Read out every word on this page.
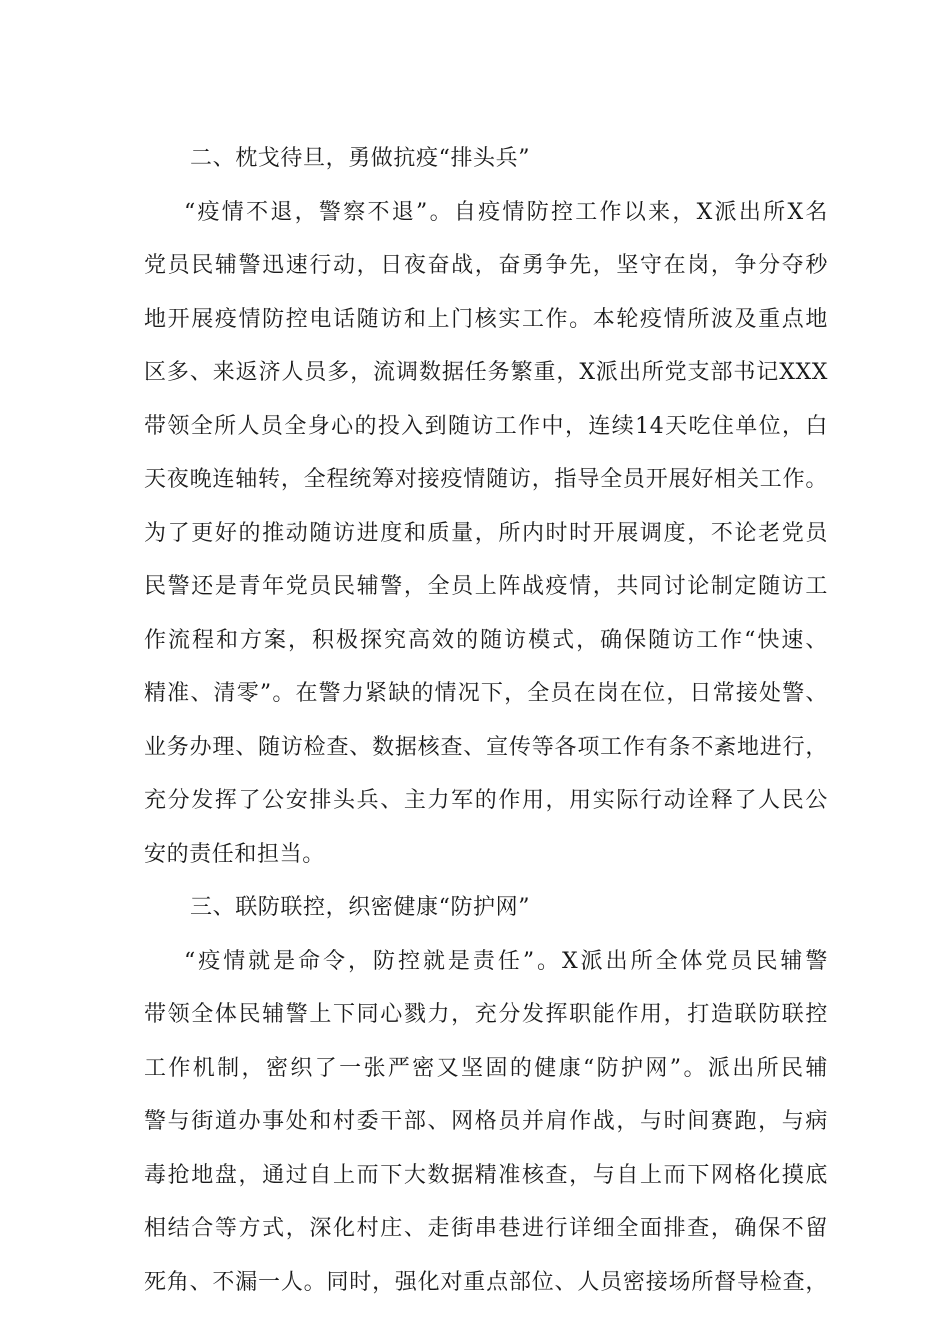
二、枕戈待旦，勇做抗疫“排头兵”
“疫情不退，警察不退”。自疫情防控工作以来，X派出所X名
党员民辅警迅速行动，日夜奋战，奋勇争先，坚守在岗，争分夺秒
地开展疫情防控电话随访和上门核实工作。本轮疫情所波及重点地
区多、来返济人员多，流调数据任务繁重，X派出所党支部书记XXX
带领全所人员全身心的投入到随访工作中，连续14天吃住单位，白
天夜晚连轴转，全程统筹对接疫情随访，指导全员开展好相关工作。
为了更好的推动随访进度和质量，所内时时开展调度，不论老党员
民警还是青年党员民辅警，全员上阵战疫情，共同讨论制定随访工
作流程和方案，积极探究高效的随访模式，确保随访工作“快速、
精准、清零”。在警力紧缺的情况下，全员在岗在位，日常接处警、
业务办理、随访检查、数据核查、宣传等各项工作有条不紊地进行，
充分发挥了公安排头兵、主力军的作用，用实际行动诠释了人民公
安的责任和担当。
三、联防联控，织密健康“防护网”
“疫情就是命令，防控就是责任”。X派出所全体党员民辅警
带领全体民辅警上下同心戮力，充分发挥职能作用，打造联防联控
工作机制，密织了一张严密又坚固的健康“防护网”。派出所民辅
警与街道办事处和村委干部、网格员并肩作战，与时间赛跑，与病
毒抢地盘，通过自上而下大数据精准核查，与自上而下网格化摸底
相结合等方式，深化村庄、走街串巷进行详细全面排查，确保不留
死角、不漏一人。同时，强化对重点部位、人员密接场所督导检查，
